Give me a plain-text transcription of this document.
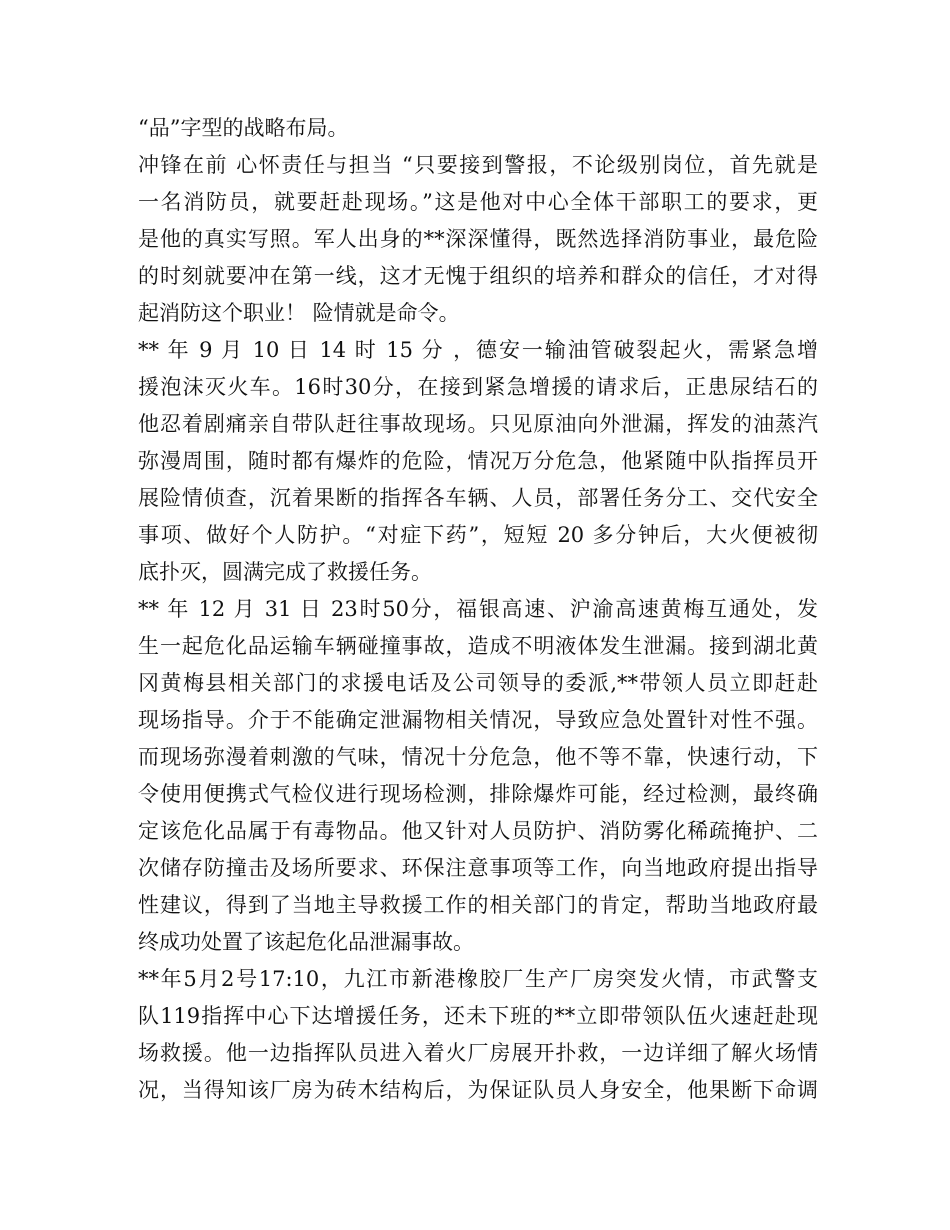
“品”字型的战略布局。
冲锋在前 心怀责任与担当 “只要接到警报，不论级别岗位，首先就是
一名消防员，就要赶赴现场。”这是他对中心全体干部职工的要求，更
是他的真实写照。军人出身的**深深懂得，既然选择消防事业，最危险
的时刻就要冲在第一线，这才无愧于组织的培养和群众的信任，才对得
起消防这个职业！ 险情就是命令。
** 年 9 月 10 日 14 时 15 分 ，德安一输油管破裂起火，需紧急增
援泡沫灭火车。16时30分，在接到紧急增援的请求后，正患尿结石的
他忍着剧痛亲自带队赶往事故现场。只见原油向外泄漏，挥发的油蒸汽
弥漫周围，随时都有爆炸的危险，情况万分危急，他紧随中队指挥员开
展险情侦查，沉着果断的指挥各车辆、人员，部署任务分工、交代安全
事项、做好个人防护。“对症下药”，短短 20 多分钟后，大火便被彻
底扑灭，圆满完成了救援任务。
** 年 12 月 31 日 23时50分，福银高速、沪渝高速黄梅互通处，发
生一起危化品运输车辆碰撞事故，造成不明液体发生泄漏。接到湖北黄
冈黄梅县相关部门的求援电话及公司领导的委派,**带领人员立即赶赴
现场指导。介于不能确定泄漏物相关情况，导致应急处置针对性不强。
而现场弥漫着刺激的气味，情况十分危急，他不等不靠，快速行动，下
令使用便携式气检仪进行现场检测，排除爆炸可能，经过检测，最终确
定该危化品属于有毒物品。他又针对人员防护、消防雾化稀疏掩护、二
次储存防撞击及场所要求、环保注意事项等工作，向当地政府提出指导
性建议，得到了当地主导救援工作的相关部门的肯定，帮助当地政府最
终成功处置了该起危化品泄漏事故。
**年5月2号17:10，九江市新港橡胶厂生产厂房突发火情，市武警支
队119指挥中心下达增援任务，还未下班的**立即带领队伍火速赶赴现
场救援。他一边指挥队员进入着火厂房展开扑救，一边详细了解火场情
况，当得知该厂房为砖木结构后，为保证队员人身安全，他果断下命调
